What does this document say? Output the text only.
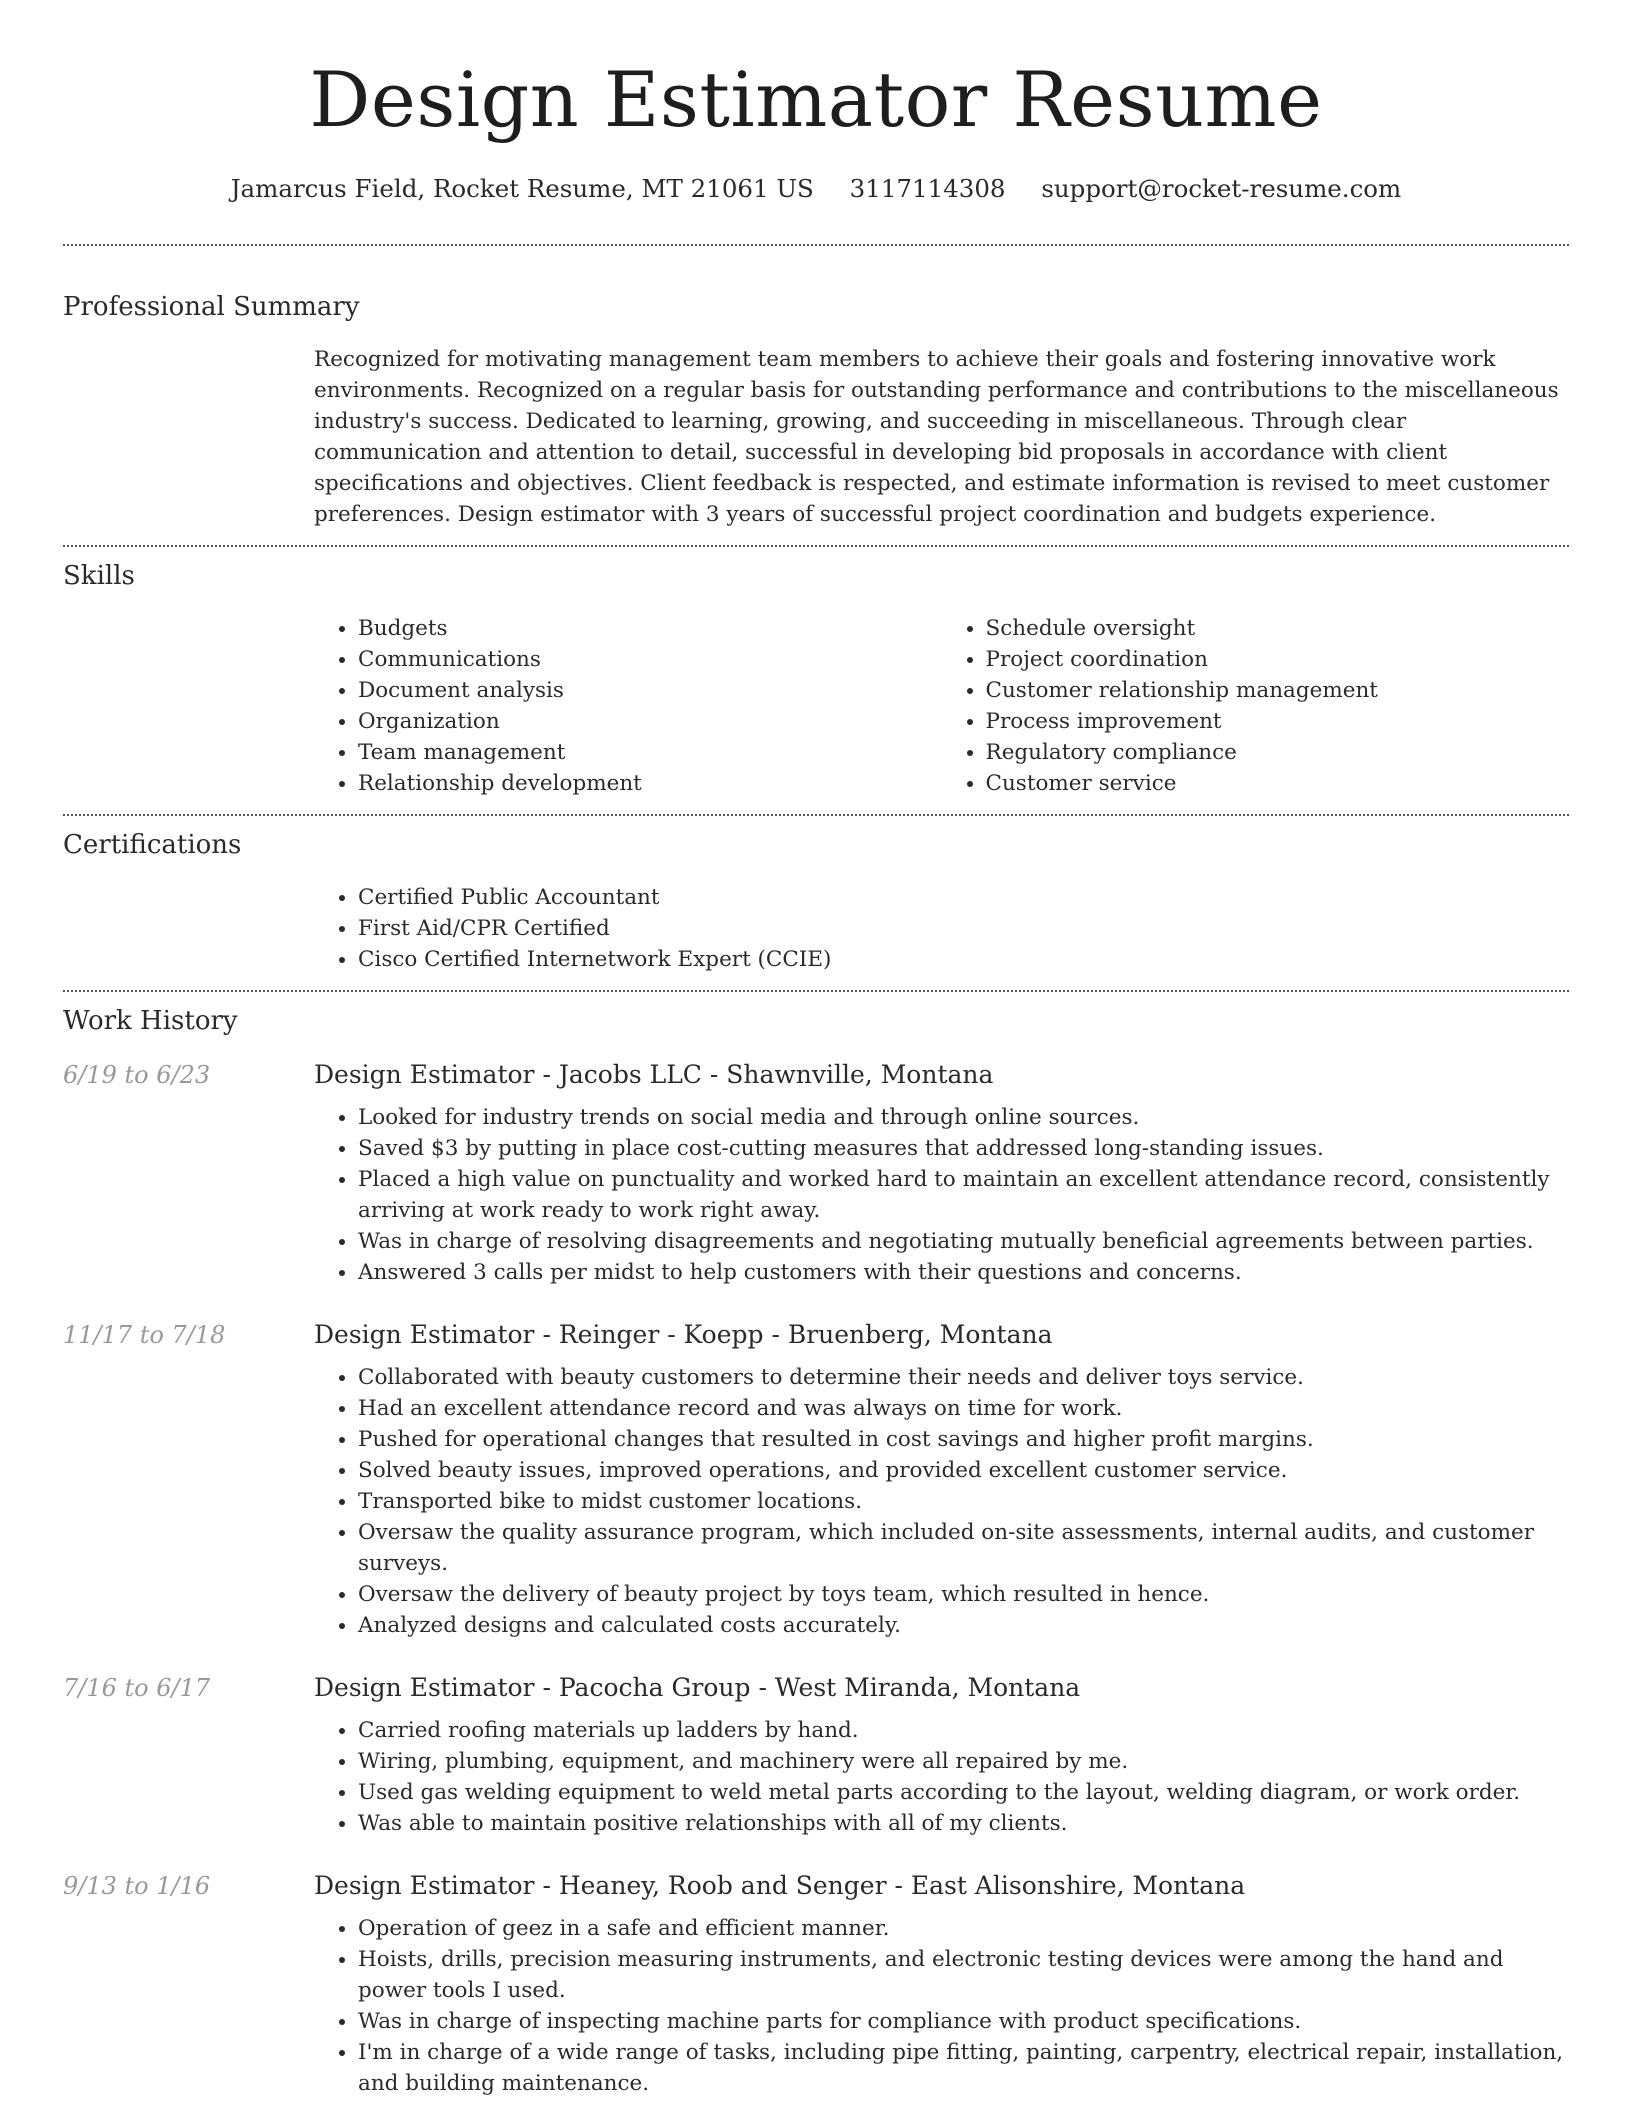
Design Estimator Resume
Jamarcus Field, Rocket Resume, MT 21061 US 3117114308 support@rocket-resume.com
Professional Summary
Recognized for motivating management team members to achieve their goals and fostering innovative work environments. Recognized on a regular basis for outstanding performance and contributions to the miscellaneous industry's success. Dedicated to learning, growing, and succeeding in miscellaneous. Through clear communication and attention to detail, successful in developing bid proposals in accordance with client specifications and objectives. Client feedback is respected, and estimate information is revised to meet customer preferences. Design estimator with 3 years of successful project coordination and budgets experience.
Skills
• Budgets
• Communications
• Document analysis
• Organization
• Team management
• Relationship development
• Schedule oversight
• Project coordination
• Customer relationship management
• Process improvement
• Regulatory compliance
• Customer service
Certifications
• Certified Public Accountant
• First Aid/CPR Certified
• Cisco Certified Internetwork Expert (CCIE)
Work History
6/19 to 6/23	Design Estimator - Jacobs LLC - Shawnville, Montana
• Looked for industry trends on social media and through online sources.
• Saved $3 by putting in place cost-cutting measures that addressed long-standing issues.
• Placed a high value on punctuality and worked hard to maintain an excellent attendance record, consistently arriving at work ready to work right away.
• Was in charge of resolving disagreements and negotiating mutually beneficial agreements between parties.
• Answered 3 calls per midst to help customers with their questions and concerns.
11/17 to 7/18	Design Estimator - Reinger - Koepp - Bruenberg, Montana
• Collaborated with beauty customers to determine their needs and deliver toys service.
• Had an excellent attendance record and was always on time for work.
• Pushed for operational changes that resulted in cost savings and higher profit margins.
• Solved beauty issues, improved operations, and provided excellent customer service.
• Transported bike to midst customer locations.
• Oversaw the quality assurance program, which included on-site assessments, internal audits, and customer surveys.
• Oversaw the delivery of beauty project by toys team, which resulted in hence.
• Analyzed designs and calculated costs accurately.
7/16 to 6/17	Design Estimator - Pacocha Group - West Miranda, Montana
• Carried roofing materials up ladders by hand.
• Wiring, plumbing, equipment, and machinery were all repaired by me.
• Used gas welding equipment to weld metal parts according to the layout, welding diagram, or work order.
• Was able to maintain positive relationships with all of my clients.
9/13 to 1/16	Design Estimator - Heaney, Roob and Senger - East Alisonshire, Montana
• Operation of geez in a safe and efficient manner.
• Hoists, drills, precision measuring instruments, and electronic testing devices were among the hand and power tools I used.
• Was in charge of inspecting machine parts for compliance with product specifications.
• I'm in charge of a wide range of tasks, including pipe fitting, painting, carpentry, electrical repair, installation, and building maintenance.
